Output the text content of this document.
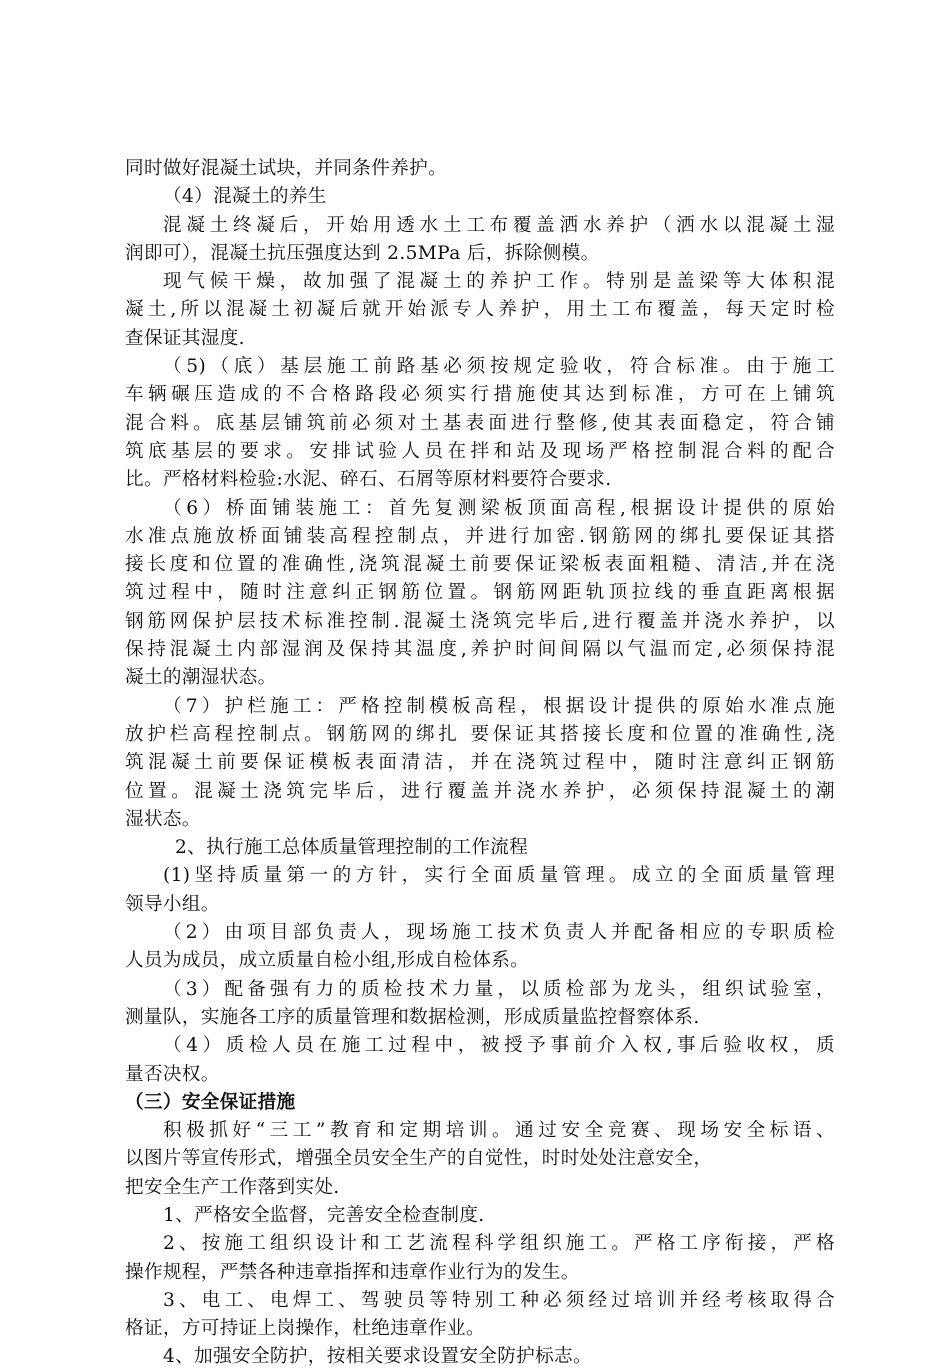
同时做好混凝土试块，并同条件养护。
（4）混凝土的养生
混凝土终凝后，开始用透水土工布覆盖洒水养护（洒水以混凝土湿
润即可），混凝土抗压强度达到 2.5MPa 后，拆除侧模。
现气候干燥，故加强了混凝土的养护工作。特别是盖梁等大体积混
凝土,所以混凝土初凝后就开始派专人养护，用土工布覆盖，每天定时检
查保证其湿度.
（5)（底）基层施工前路基必须按规定验收，符合标准。由于施工
车辆碾压造成的不合格路段必须实行措施使其达到标准，方可在上铺筑
混合料。底基层铺筑前必须对土基表面进行整修,使其表面稳定，符合铺
筑底基层的要求。安排试验人员在拌和站及现场严格控制混合料的配合
比。严格材料检验:水泥、碎石、石屑等原材料要符合要求.
（6）桥面铺装施工：首先复测梁板顶面高程,根据设计提供的原始
水准点施放桥面铺装高程控制点，并进行加密.钢筋网的绑扎要保证其搭
接长度和位置的准确性,浇筑混凝土前要保证梁板表面粗糙、清洁,并在浇
筑过程中，随时注意纠正钢筋位置。钢筋网距轨顶拉线的垂直距离根据
钢筋网保护层技术标准控制.混凝土浇筑完毕后,进行覆盖并浇水养护，以
保持混凝土内部湿润及保持其温度,养护时间间隔以气温而定,必须保持混
凝土的潮湿状态。
（7）护栏施工：严格控制模板高程，根据设计提供的原始水准点施
放护栏高程控制点。钢筋网的绑扎 要保证其搭接长度和位置的准确性,浇
筑混凝土前要保证模板表面清洁，并在浇筑过程中，随时注意纠正钢筋
位置。混凝土浇筑完毕后，进行覆盖并浇水养护，必须保持混凝土的潮
湿状态。
2、执行施工总体质量管理控制的工作流程
(1)坚持质量第一的方针，实行全面质量管理。成立的全面质量管理
领导小组。
（2）由项目部负责人，现场施工技术负责人并配备相应的专职质检
人员为成员，成立质量自检小组,形成自检体系。
（3）配备强有力的质检技术力量，以质检部为龙头，组织试验室，
测量队，实施各工序的质量管理和数据检测，形成质量监控督察体系.
（4）质检人员在施工过程中，被授予事前介入权,事后验收权，质
量否决权。
（三）安全保证措施
积极抓好“三工”教育和定期培训。通过安全竞赛、现场安全标语、
以图片等宣传形式，增强全员安全生产的自觉性，时时处处注意安全，
把安全生产工作落到实处.
1、严格安全监督，完善安全检查制度.
2、按施工组织设计和工艺流程科学组织施工。严格工序衔接，严格
操作规程，严禁各种违章指挥和违章作业行为的发生。
3、电工、电焊工、驾驶员等特别工种必须经过培训并经考核取得合
格证，方可持证上岗操作，杜绝违章作业。
4、加强安全防护，按相关要求设置安全防护标志。
